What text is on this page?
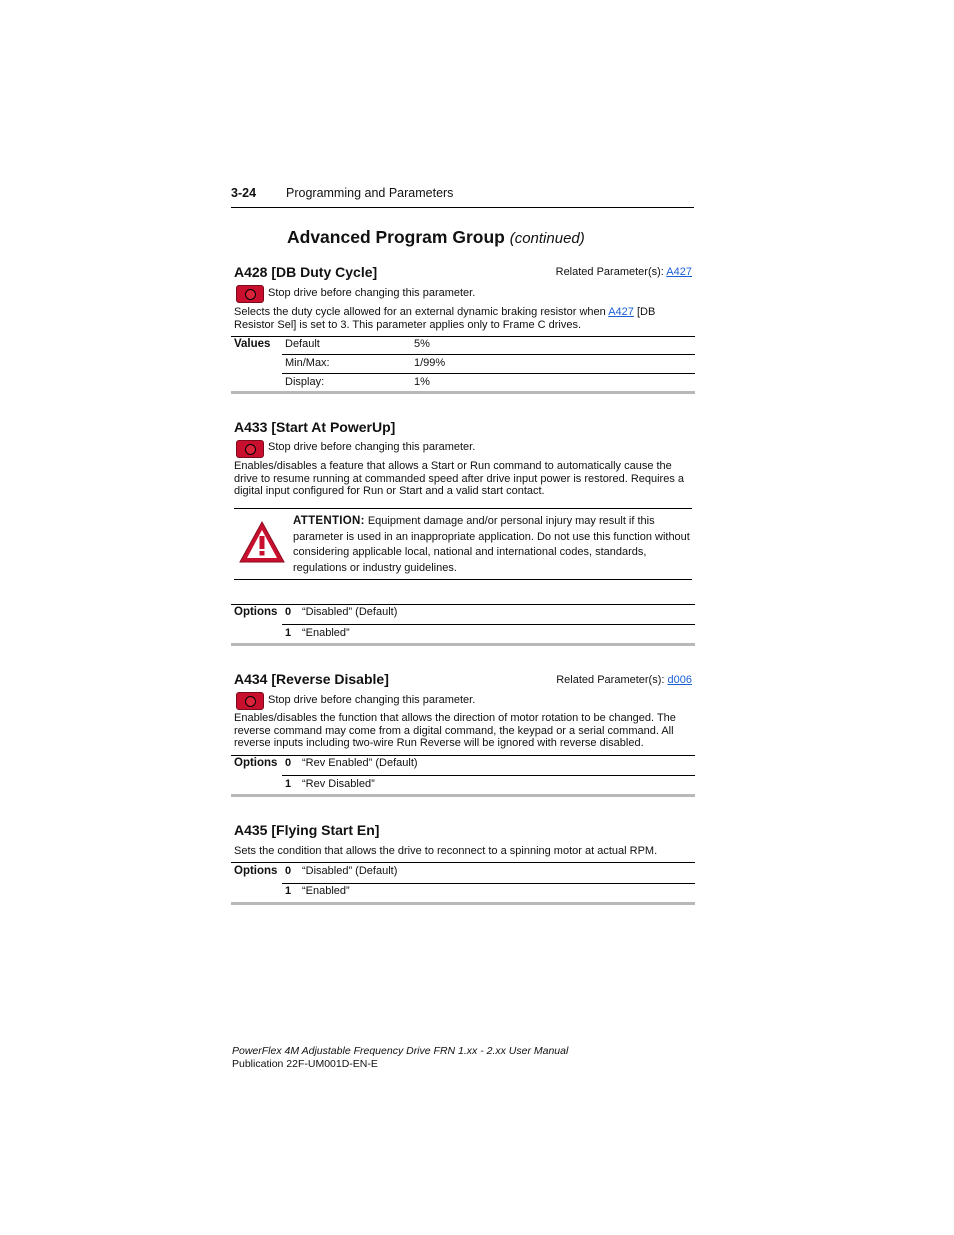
3-24 Programming and Parameters
Advanced Program Group (continued)
A428 [DB Duty Cycle]	Related Parameter(s): A427
Stop drive before changing this parameter.
Selects the duty cycle allowed for an external dynamic braking resistor when A427 [DB Resistor Sel] is set to 3. This parameter applies only to Frame C drives.
Values Default	5%
Min/Max:	1/99%
Display:	1%
A433 [Start At PowerUp]
Stop drive before changing this parameter.
Enables/disables a feature that allows a Start or Run command to automatically cause the drive to resume running at commanded speed after drive input power is restored. Requires a digital input configured for Run or Start and a valid start contact.
ATTENTION: Equipment damage and/or personal injury may result if this parameter is used in an inappropriate application. Do not use this function without considering applicable local, national and international codes, standards, regulations or industry guidelines.
Options 0 “Disabled” (Default)
1 “Enabled”
A434 [Reverse Disable]	Related Parameter(s): d006
Stop drive before changing this parameter.
Enables/disables the function that allows the direction of motor rotation to be changed. The reverse command may come from a digital command, the keypad or a serial command. All reverse inputs including two-wire Run Reverse will be ignored with reverse disabled.
Options 0 “Rev Enabled” (Default)
1 “Rev Disabled”
A435 [Flying Start En]
Sets the condition that allows the drive to reconnect to a spinning motor at actual RPM.
Options 0 “Disabled” (Default)
1 “Enabled”
PowerFlex 4M Adjustable Frequency Drive FRN 1.xx - 2.xx User Manual
Publication 22F-UM001D-EN-E
